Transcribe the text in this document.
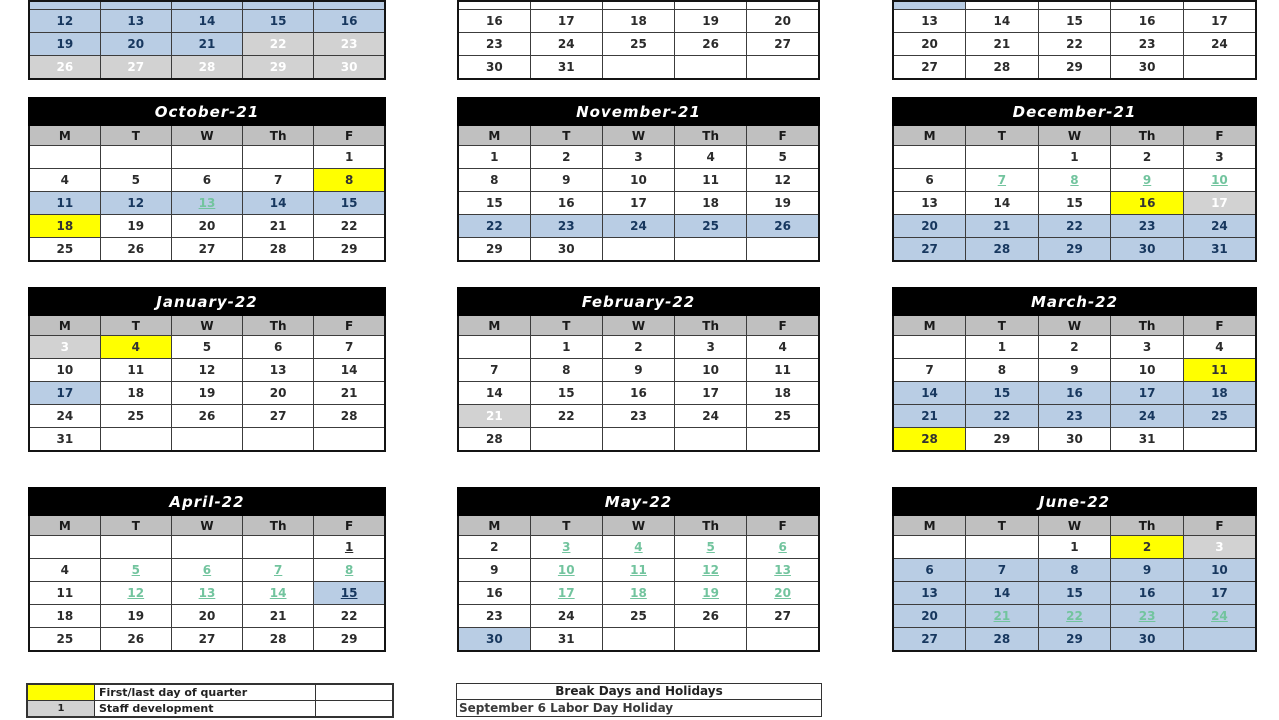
12	13	14	15	16
19	20	21	22	23
26	27	28	29	30

16	17	18	19	20
23	24	25	26	27
30	31			

13	14	15	16	17
20	21	22	23	24
27	28	29	30	
October-21				
M	T	W	Th	F
				1
4	5	6	7	8
11	12	13	14	15
18	19	20	21	22
25	26	27	28	29
November-21				
M	T	W	Th	F
1	2	3	4	5
8	9	10	11	12
15	16	17	18	19
22	23	24	25	26
29	30			
December-21				
M	T	W	Th	F
		1	2	3
6	7	8	9	10
13	14	15	16	17
20	21	22	23	24
27	28	29	30	31
January-22				
M	T	W	Th	F
3	4	5	6	7
10	11	12	13	14
17	18	19	20	21
24	25	26	27	28
31				
February-22				
M	T	W	Th	F
	1	2	3	4
7	8	9	10	11
14	15	16	17	18
21	22	23	24	25
28				
March-22				
M	T	W	Th	F
	1	2	3	4
7	8	9	10	11
14	15	16	17	18
21	22	23	24	25
28	29	30	31	
April-22				
M	T	W	Th	F
				1
4	5	6	7	8
11	12	13	14	15
18	19	20	21	22
25	26	27	28	29
May-22				
M	T	W	Th	F
2	3	4	5	6
9	10	11	12	13
16	17	18	19	20
23	24	25	26	27
30	31			
June-22				
M	T	W	Th	F
		1	2	3
6	7	8	9	10
13	14	15	16	17
20	21	22	23	24
27	28	29	30	
	First/last day of quarter	
1	Staff development	
Break Days and Holidays
September 6 Labor Day Holiday
